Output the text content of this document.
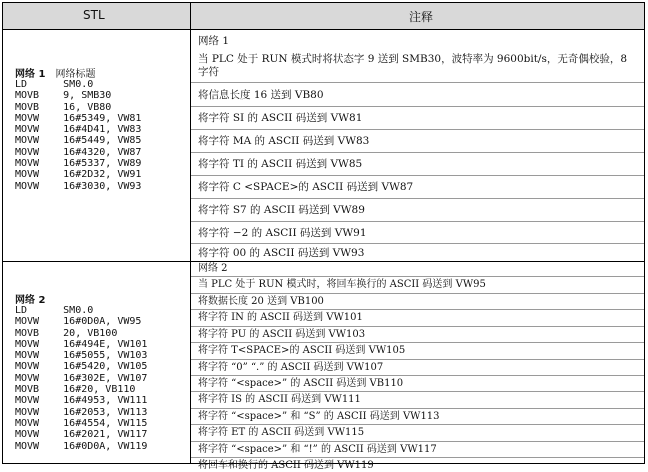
STL	注释
网络 1 网络标题
LD      SM0.0
MOVB    9, SMB30
MOVB    16, VB80
MOVW    16#5349, VW81
MOVW    16#4D41, VW83
MOVW    16#5449, VW85
MOVW    16#4320, VW87
MOVW    16#5337, VW89
MOVW    16#2D32, VW91
MOVW    16#3030, VW93
网络 1
当 PLC 处于 RUN 模式时将状态字 9 送到 SMB30，波特率为 9600bit/s，无奇偶校验，8 字符
将信息长度 16 送到 VB80
将字符 SI 的 ASCII 码送到 VW81
将字符 MA 的 ASCII 码送到 VW83
将字符 TI 的 ASCII 码送到 VW85
将字符 C <SPACE>的 ASCII 码送到 VW87
将字符 S7 的 ASCII 码送到 VW89
将字符 −2 的 ASCII 码送到 VW91
将字符 00 的 ASCII 码送到 VW93
网络 2
LD      SM0.0
MOVW    16#0D0A, VW95
MOVB    20, VB100
MOVW    16#494E, VW101
MOVW    16#5055, VW103
MOVW    16#5420, VW105
MOVW    16#302E, VW107
MOVB    16#20, VB110
MOVW    16#4953, VW111
MOVW    16#2053, VW113
MOVW    16#4554, VW115
MOVW    16#2021, VW117
MOVW    16#0D0A, VW119
网络 2
当 PLC 处于 RUN 模式时，将回车换行的 ASCII 码送到 VW95
将数据长度 20 送到 VB100
将字符 IN 的 ASCII 码送到 VW101
将字符 PU 的 ASCII 码送到 VW103
将字符 T<SPACE>的 ASCII 码送到 VW105
将字符 “0” “.” 的 ASCII 码送到 VW107
将字符 “<space>” 的 ASCII 码送到 VB110
将字符 IS 的 ASCII 码送到 VW111
将字符 “<space>” 和 “S” 的 ASCII 码送到 VW113
将字符 ET 的 ASCII 码送到 VW115
将字符 “<space>” 和 “!” 的 ASCII 码送到 VW117
将回车和换行的 ASCII 码送到 VW119
